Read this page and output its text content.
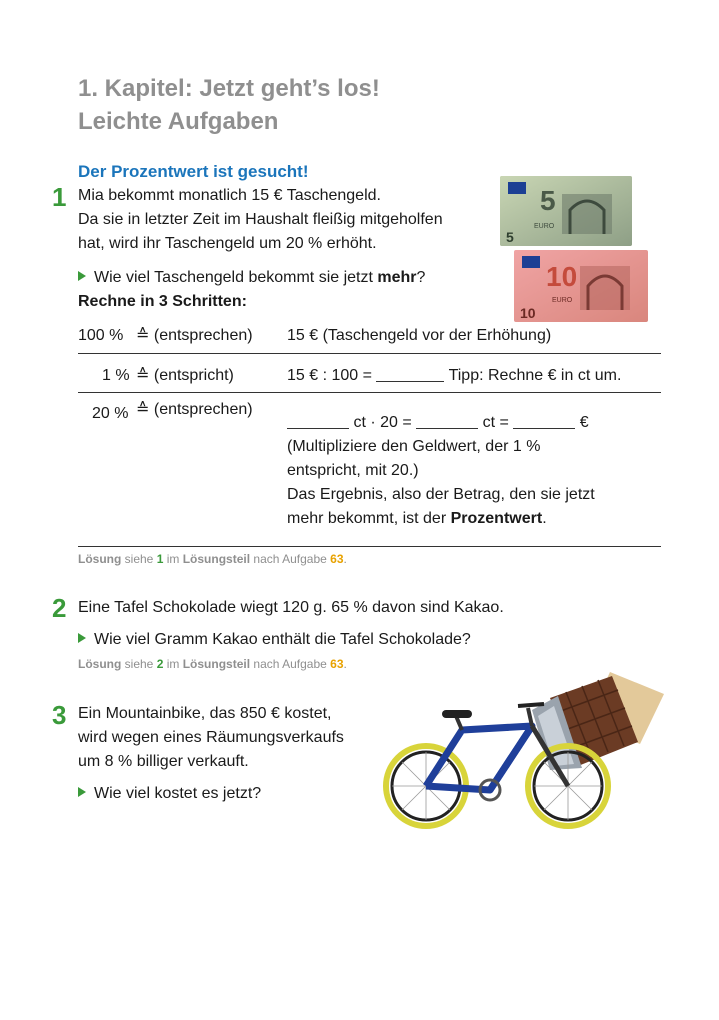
1. Kapitel: Jetzt geht’s los!
Leichte Aufgaben
Der Prozentwert ist gesucht!
1 Mia bekommt monatlich 15 € Taschengeld.
Da sie in letzter Zeit im Haushalt fleißig mitgeholfen
hat, wird ihr Taschengeld um 20 % erhöht.
5
5
EURO
10
10
EURO
Wie viel Taschengeld bekommt sie jetzt mehr?
Rechne in 3 Schritten:
100 % ≙ (entsprechen) 15 € (Taschengeld vor der Erhöhung)
1 % ≙ (entspricht)	15 € : 100 =	Tipp: Rechne € in ct um.
20 % ≙ (entsprechen)
ct · 20 =	ct =	€
(Multipliziere den Geldwert, der 1 %
entspricht, mit 20.)
Das Ergebnis, also der Betrag, den sie jetzt
mehr bekommt, ist der Prozentwert.
Lösung siehe 1 im Lösungsteil nach Aufgabe 63.
2 Eine Tafel Schokolade wiegt 120 g. 65 % davon sind Kakao.
Wie viel Gramm Kakao enthält die Tafel Schokolade?
Lösung siehe 2 im Lösungsteil nach Aufgabe 63.
3 Ein Mountainbike, das 850 € kostet,
wird wegen eines Räumungsverkaufs
um 8 % billiger verkauft.
Wie viel kostet es jetzt?
